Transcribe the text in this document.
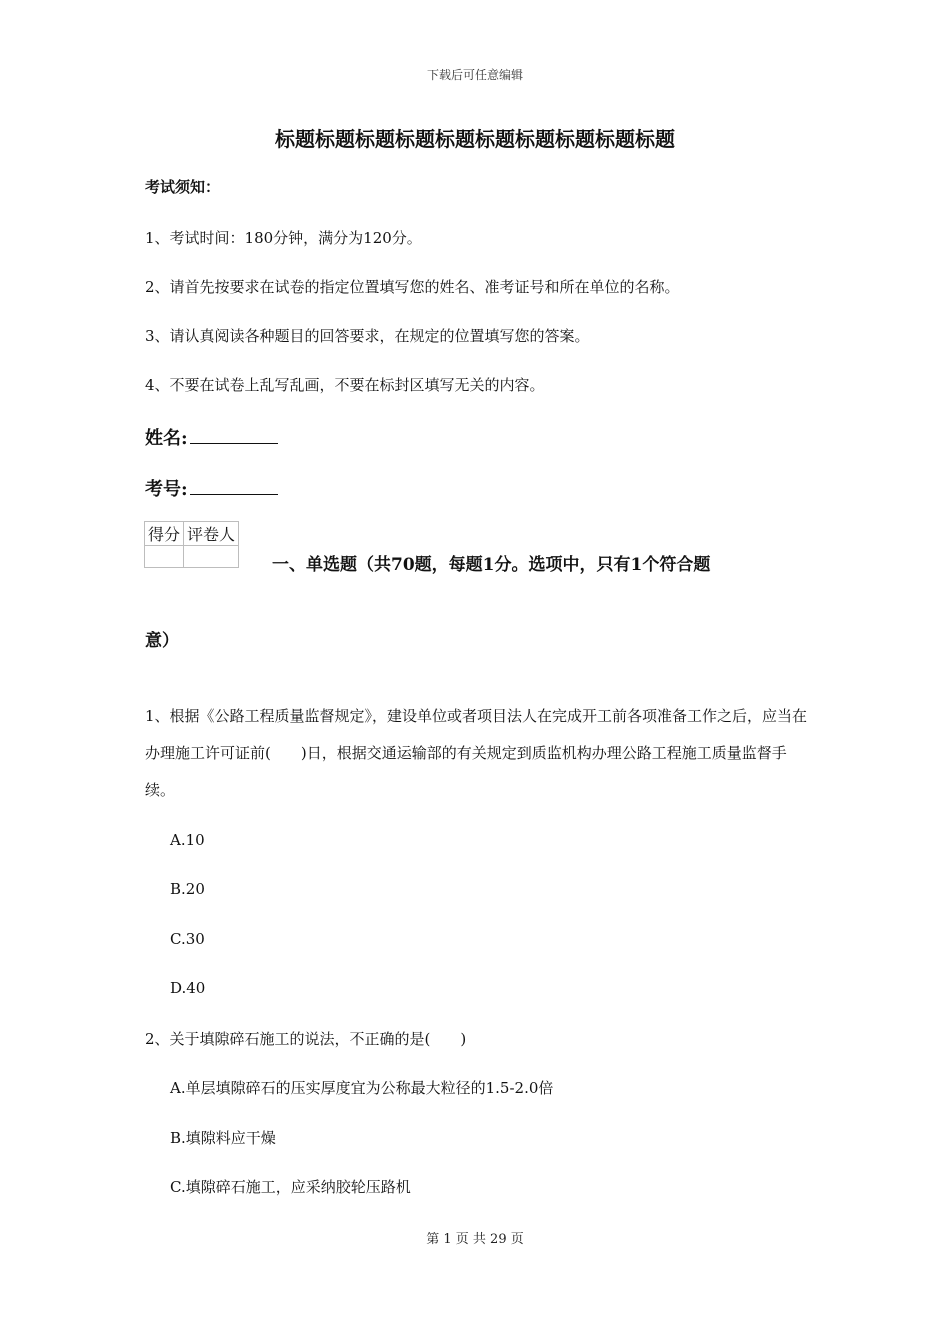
下载后可任意编辑
标题标题标题标题标题标题标题标题标题标题
考试须知：
1、考试时间：180分钟，满分为120分。
2、请首先按要求在试卷的指定位置填写您的姓名、准考证号和所在单位的名称。
3、请认真阅读各种题目的回答要求，在规定的位置填写您的答案。
4、不要在试卷上乱写乱画，不要在标封区填写无关的内容。
姓名:
考号:
得分	评卷人

一、单选题（共70题，每题1分。选项中，只有1个符合题
意）
1、根据《公路工程质量监督规定》，建设单位或者项目法人在完成开工前各项准备工作之后，应当在办理施工许可证前(　　)日，根据交通运输部的有关规定到质监机构办理公路工程施工质量监督手续。
A.10
B.20
C.30
D.40
2、关于填隙碎石施工的说法，不正确的是(　　)
A.单层填隙碎石的压实厚度宜为公称最大粒径的1.5-2.0倍
B.填隙料应干燥
C.填隙碎石施工，应采纳胶轮压路机
第 1 页 共 29 页
